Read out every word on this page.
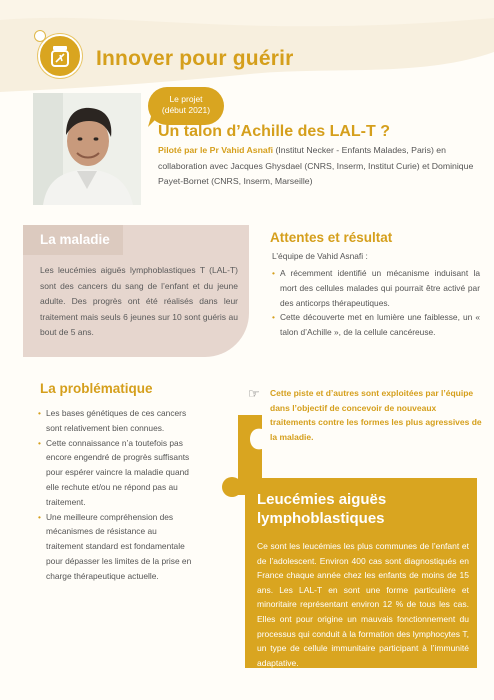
Innover pour guérir
Le projet
(début 2021)
Un talon d’Achille des LAL-T ?
Piloté par le Pr Vahid Asnafi (Institut Necker - Enfants Malades, Paris) en collaboration avec Jacques Ghysdael (CNRS, Inserm, Institut Curie) et Dominique Payet-Bornet (CNRS, Inserm, Marseille)
La maladie
Les leucémies aiguës lymphoblastiques T (LAL-T) sont des cancers du sang de l’enfant et du jeune adulte. Des progrès ont été réalisés dans leur traitement mais seuls 6 jeunes sur 10 sont guéris au bout de 5 ans.
Attentes et résultat
L’équipe de Vahid Asnafi :
• A récemment identifié un mécanisme induisant la mort des cellules malades qui pourrait être activé par des anticorps thérapeutiques.
• Cette découverte met en lumière une faiblesse, un « talon d’Achille », de la cellule cancéreuse.
☞ Cette piste et d’autres sont exploitées par l’équipe dans l’objectif de concevoir de nouveaux traitements contre les formes les plus agressives de la maladie.
La problématique
• Les bases génétiques de ces cancers sont relativement bien connues.
• Cette connaissance n’a toutefois pas encore engendré de progrès suffisants pour espérer vaincre la maladie quand elle rechute et/ou ne répond pas au traitement.
• Une meilleure compréhension des mécanismes de résistance au traitement standard est fondamentale pour dépasser les limites de la prise en charge thérapeutique actuelle.
Leucémies aiguës lymphoblastiques
Ce sont les leucémies les plus communes de l’enfant et de l’adolescent. Environ 400 cas sont diagnostiqués en France chaque année chez les enfants de moins de 15 ans. Les LAL-T en sont une forme particulière et minoritaire représentant environ 12 % de tous les cas. Elles ont pour origine un mauvais fonctionnement du processus qui conduit à la formation des lymphocytes T, un type de cellule immunitaire participant à l’immunité adaptative.
